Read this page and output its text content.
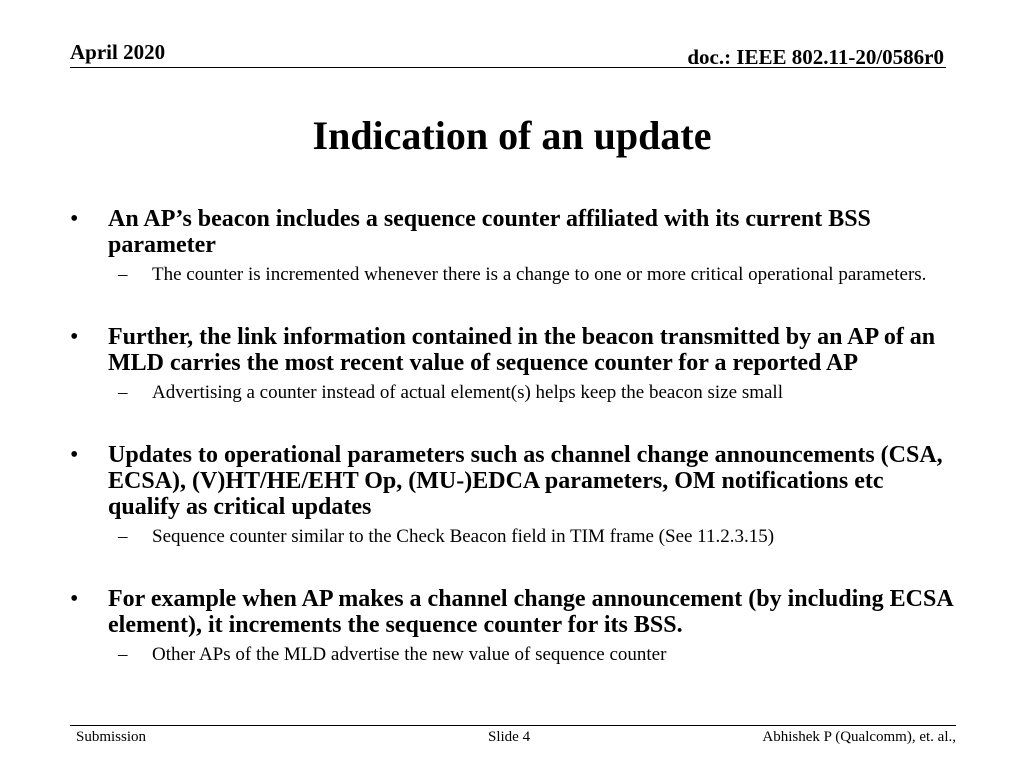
April 2020	doc.: IEEE 802.11-20/0586r0
Indication of an update
• An AP’s beacon includes a sequence counter affiliated with its current BSS parameter
– The counter is incremented whenever there is a change to one or more critical operational parameters.
• Further, the link information contained in the beacon transmitted by an AP of an MLD carries the most recent value of sequence counter for a reported AP
– Advertising a counter instead of actual element(s) helps keep the beacon size small
• Updates to operational parameters such as channel change announcements (CSA, ECSA), (V)HT/HE/EHT Op, (MU-)EDCA parameters, OM notifications etc qualify as critical updates
– Sequence counter similar to the Check Beacon field in TIM frame (See 11.2.3.15)
• For example when AP makes a channel change announcement (by including ECSA element), it increments the sequence counter for its BSS.
– Other APs of the MLD advertise the new value of sequence counter
Submission	Slide 4	Abhishek P (Qualcomm), et. al.,
